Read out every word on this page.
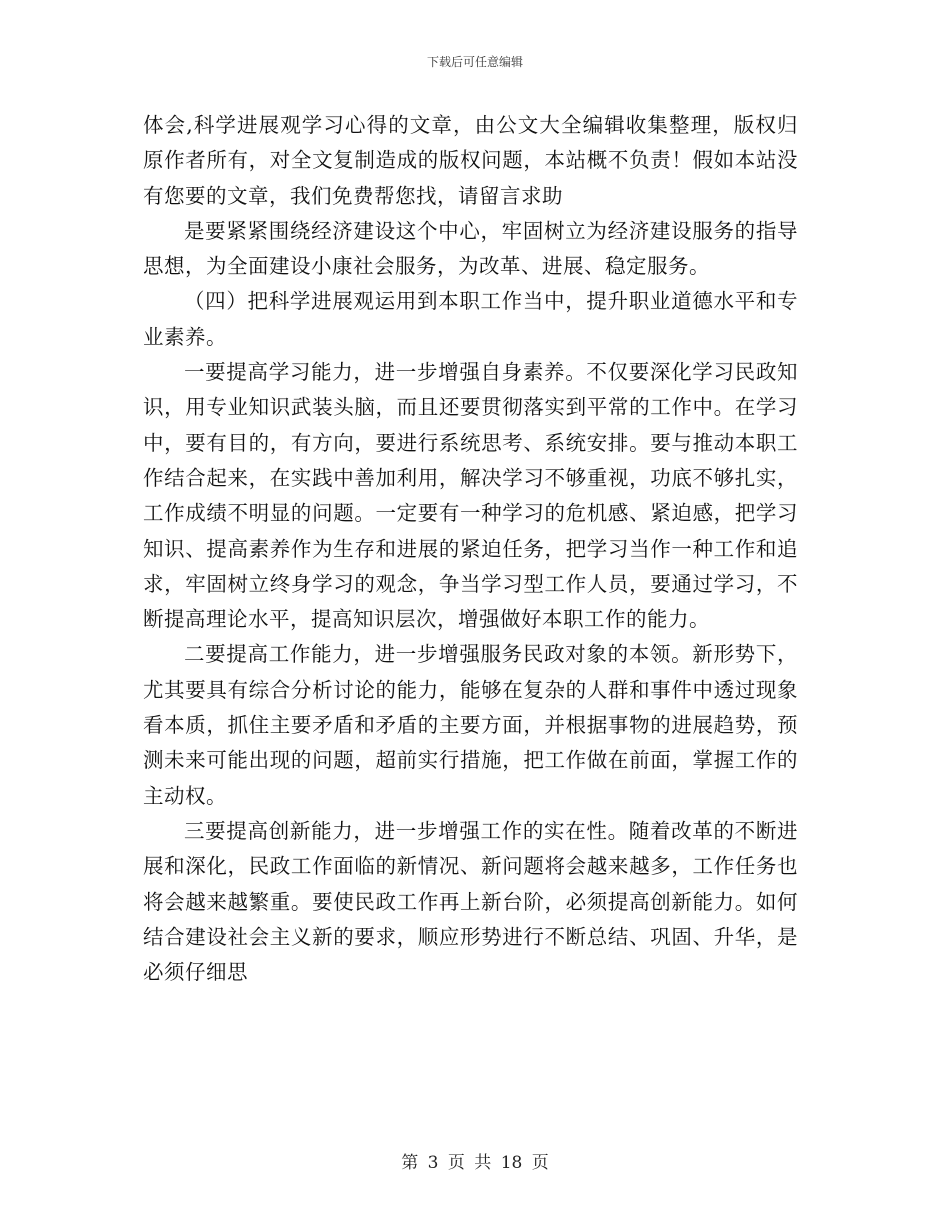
下载后可任意编辑

体会,科学进展观学习心得的文章，由公文大全编辑收集整理，版权归原作者所有，对全文复制造成的版权问题，本站概不负责！假如本站没有您要的文章，我们免费帮您找，请留言求助

是要紧紧围绕经济建设这个中心，牢固树立为经济建设服务的指导思想，为全面建设小康社会服务，为改革、进展、稳定服务。

（四）把科学进展观运用到本职工作当中，提升职业道德水平和专业素养。

一要提高学习能力，进一步增强自身素养。不仅要深化学习民政知识，用专业知识武装头脑，而且还要贯彻落实到平常的工作中。在学习中，要有目的，有方向，要进行系统思考、系统安排。要与推动本职工作结合起来，在实践中善加利用，解决学习不够重视，功底不够扎实，工作成绩不明显的问题。一定要有一种学习的危机感、紧迫感，把学习知识、提高素养作为生存和进展的紧迫任务，把学习当作一种工作和追求，牢固树立终身学习的观念，争当学习型工作人员，要通过学习，不断提高理论水平，提高知识层次，增强做好本职工作的能力。

二要提高工作能力，进一步增强服务民政对象的本领。新形势下，尤其要具有综合分析讨论的能力，能够在复杂的人群和事件中透过现象看本质，抓住主要矛盾和矛盾的主要方面，并根据事物的进展趋势，预测未来可能出现的问题，超前实行措施，把工作做在前面，掌握工作的主动权。

三要提高创新能力，进一步增强工作的实在性。随着改革的不断进展和深化，民政工作面临的新情况、新问题将会越来越多，工作任务也将会越来越繁重。要使民政工作再上新台阶，必须提高创新能力。如何结合建设社会主义新的要求，顺应形势进行不断总结、巩固、升华，是必须仔细思

第 3 页 共 18 页
